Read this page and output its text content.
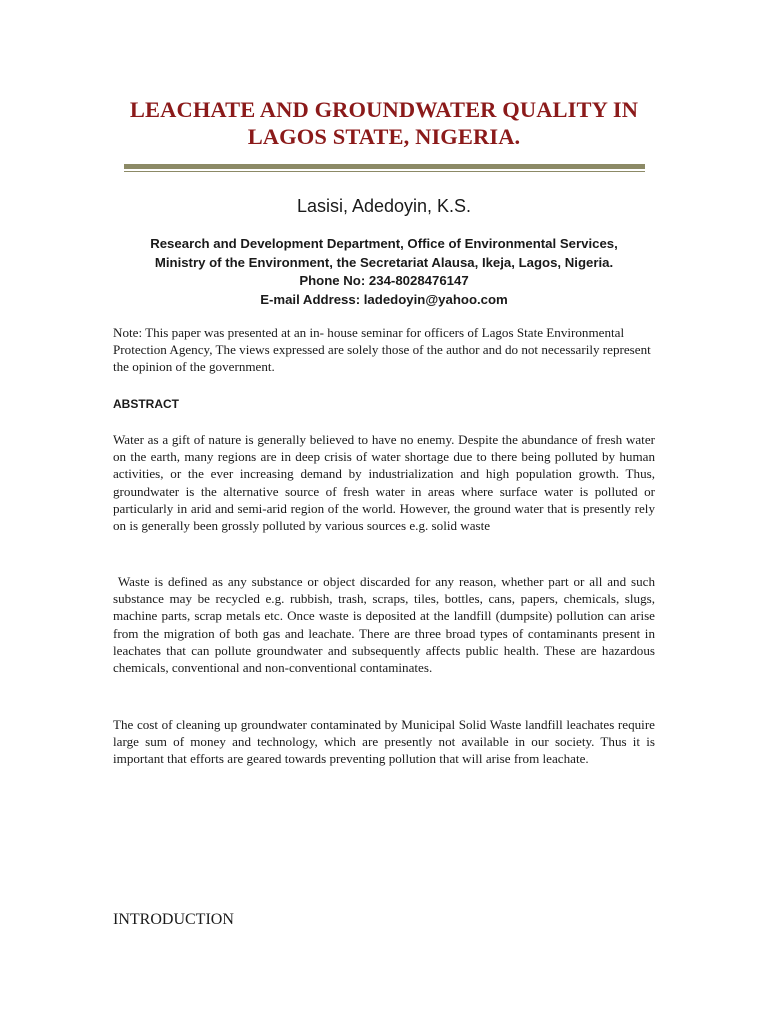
LEACHATE AND GROUNDWATER QUALITY IN
LAGOS STATE, NIGERIA.
Lasisi, Adedoyin, K.S.
Research and Development Department, Office of Environmental Services,
Ministry of the Environment, the Secretariat Alausa, Ikeja, Lagos, Nigeria.
Phone No: 234-8028476147
E-mail Address: ladedoyin@yahoo.com
Note: This paper was presented at an in- house seminar for officers of Lagos State Environmental Protection Agency, The views expressed are solely those of the author and do not necessarily represent the opinion of the government.
ABSTRACT
Water as a gift of nature is generally believed to have no enemy. Despite the abundance of fresh water on the earth, many regions are in deep crisis of water shortage due to there being polluted by human activities, or the ever increasing demand by industrialization and high population growth. Thus, groundwater is the alternative source of fresh water in areas where surface water is polluted or particularly in arid and semi-arid region of the world. However, the ground water that is presently rely on is generally been grossly polluted by various sources e.g. solid waste
Waste is defined as any substance or object discarded for any reason, whether part or all and such substance may be recycled e.g. rubbish, trash, scraps, tiles, bottles, cans, papers, chemicals, slugs, machine parts, scrap metals etc. Once waste is deposited at the landfill (dumpsite) pollution can arise from the migration of both gas and leachate. There are three broad types of contaminants present in leachates that can pollute groundwater and subsequently affects public health. These are hazardous chemicals, conventional and non-conventional contaminates.
The cost of cleaning up groundwater contaminated by Municipal Solid Waste landfill leachates require large sum of money and technology, which are presently not available in our society. Thus it is important that efforts are geared towards preventing pollution that will arise from leachate.
INTRODUCTION
